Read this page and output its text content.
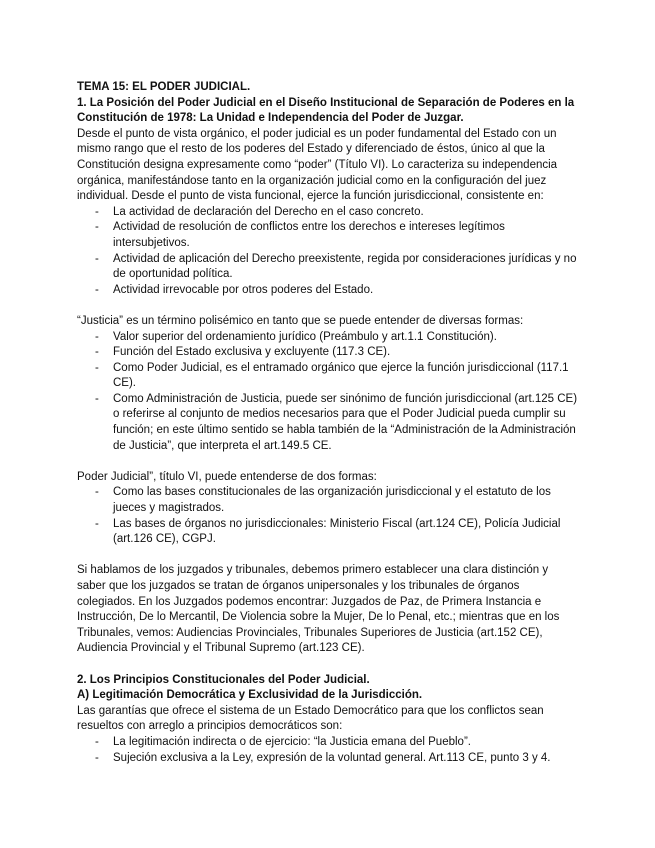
TEMA 15: EL PODER JUDICIAL.

1. La Posición del Poder Judicial en el Diseño Institucional de Separación de Poderes en la Constitución de 1978: La Unidad e Independencia del Poder de Juzgar.

Desde el punto de vista orgánico, el poder judicial es un poder fundamental del Estado con un mismo rango que el resto de los poderes del Estado y diferenciado de éstos, único al que la Constitución designa expresamente como “poder” (Título VI). Lo caracteriza su independencia orgánica, manifestándose tanto en la organización judicial como en la configuración del juez individual. Desde el punto de vista funcional, ejerce la función jurisdiccional, consistente en:

- La actividad de declaración del Derecho en el caso concreto.
- Actividad de resolución de conflictos entre los derechos e intereses legítimos intersubjetivos.
- Actividad de aplicación del Derecho preexistente, regida por consideraciones jurídicas y no de oportunidad política.
- Actividad irrevocable por otros poderes del Estado.

“Justicia” es un término polisémico en tanto que se puede entender de diversas formas:

- Valor superior del ordenamiento jurídico (Preámbulo y art.1.1 Constitución).
- Función del Estado exclusiva y excluyente (117.3 CE).
- Como Poder Judicial, es el entramado orgánico que ejerce la función jurisdiccional (117.1 CE).
- Como Administración de Justicia, puede ser sinónimo de función jurisdiccional (art.125 CE) o referirse al conjunto de medios necesarios para que el Poder Judicial pueda cumplir su función; en este último sentido se habla también de la “Administración de la Administración de Justicia”, que interpreta el art.149.5 CE.

Poder Judicial”, título VI, puede entenderse de dos formas:

- Como las bases constitucionales de las organización jurisdiccional y el estatuto de los jueces y magistrados.
- Las bases de órganos no jurisdiccionales: Ministerio Fiscal (art.124 CE), Policía Judicial (art.126 CE), CGPJ.

Si hablamos de los juzgados y tribunales, debemos primero establecer una clara distinción y saber que los juzgados se tratan de órganos unipersonales y los tribunales de órganos colegiados. En los Juzgados podemos encontrar: Juzgados de Paz, de Primera Instancia e Instrucción, De lo Mercantil, De Violencia sobre la Mujer, De lo Penal, etc.; mientras que en los Tribunales, vemos: Audiencias Provinciales, Tribunales Superiores de Justicia (art.152 CE), Audiencia Provincial y el Tribunal Supremo (art.123 CE).

2. Los Principios Constitucionales del Poder Judicial.

A) Legitimación Democrática y Exclusividad de la Jurisdicción.

Las garantías que ofrece el sistema de un Estado Democrático para que los conflictos sean resueltos con arreglo a principios democráticos son:

- La legitimación indirecta o de ejercicio: “la Justicia emana del Pueblo”.
- Sujeción exclusiva a la Ley, expresión de la voluntad general. Art.113 CE, punto 3 y 4.
